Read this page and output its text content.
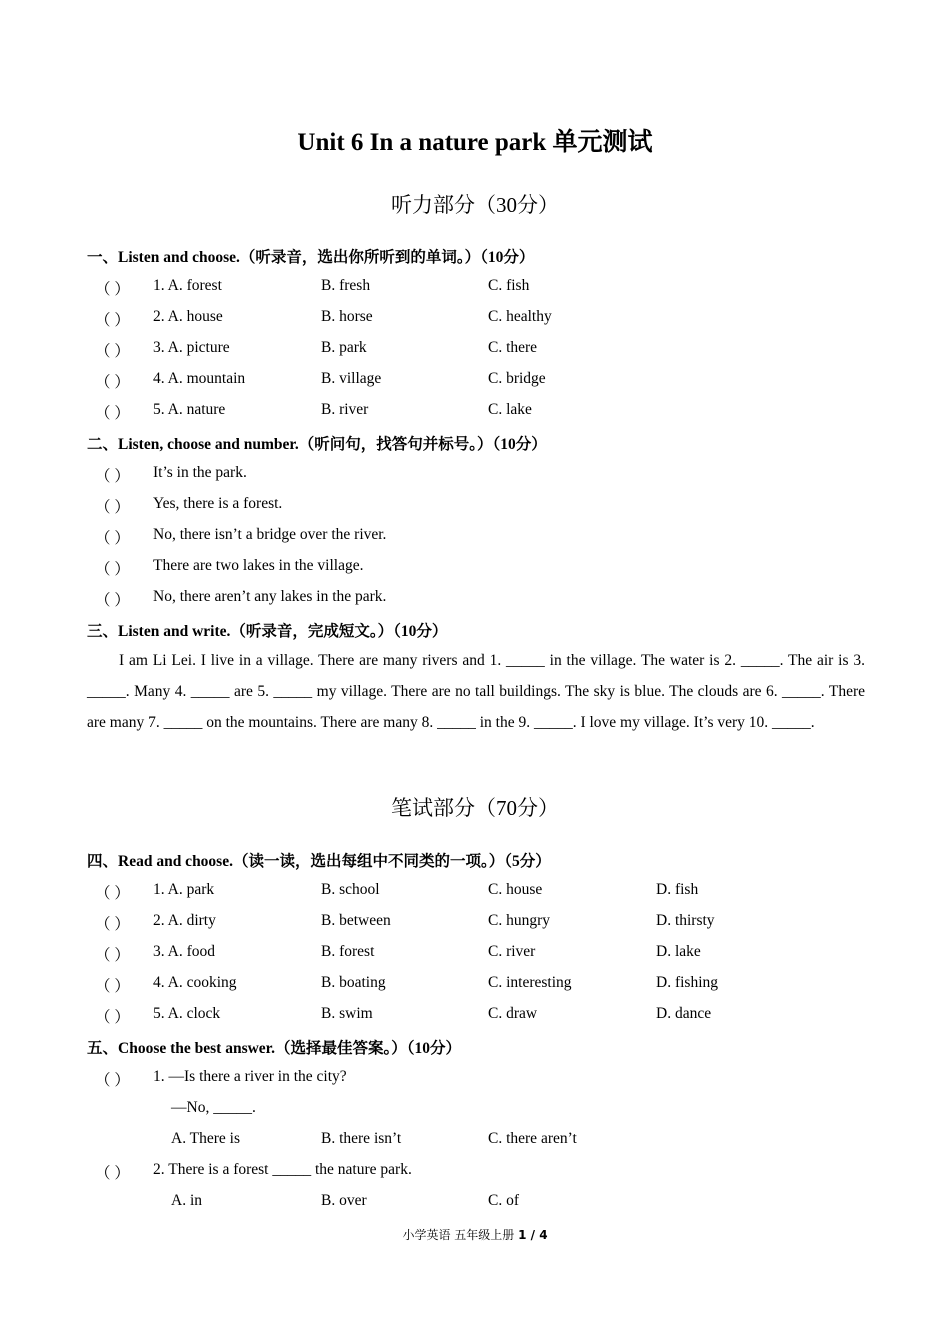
Unit 6 In a nature park 单元测试
听力部分（30分）
一、Listen and choose.（听录音，选出你所听到的单词。）（10分）
（ ） 1. A. forest	B. fresh	C. fish
（ ） 2. A. house	B. horse	C. healthy
（ ） 3. A. picture	B. park	C. there
（ ） 4. A. mountain	B. village	C. bridge
（ ） 5. A. nature	B. river	C. lake
二、Listen, choose and number.（听问句，找答句并标号。）（10分）
（ ） It’s in the park.
（ ） Yes, there is a forest.
（ ） No, there isn’t a bridge over the river.
（ ） There are two lakes in the village.
（ ） No, there aren’t any lakes in the park.
三、Listen and write.（听录音，完成短文。）（10分）
I am Li Lei. I live in a village. There are many rivers and 1. _____ in the village. The water is 2. _____. The air is 3. _____. Many 4. _____ are 5. _____ my village. There are no tall buildings. The sky is blue. The clouds are 6. _____. There are many 7. _____ on the mountains. There are many 8. _____ in the 9. _____. I love my village. It’s very 10. _____.
笔试部分（70分）
四、Read and choose.（读一读，选出每组中不同类的一项。）（5分）
（ ） 1. A. park	B. school	C. house	D. fish
（ ） 2. A. dirty	B. between	C. hungry	D. thirsty
（ ） 3. A. food	B. forest	C. river	D. lake
（ ） 4. A. cooking	B. boating	C. interesting	D. fishing
（ ） 5. A. clock	B. swim	C. draw	D. dance
五、Choose the best answer.（选择最佳答案。）（10分）
（ ） 1. —Is there a river in the city?
—No, _____.
A. There is	B. there isn’t	C. there aren’t
（ ） 2. There is a forest _____ the nature park.
A. in	B. over	C. of
小学英语 五年级上册 1 / 4
